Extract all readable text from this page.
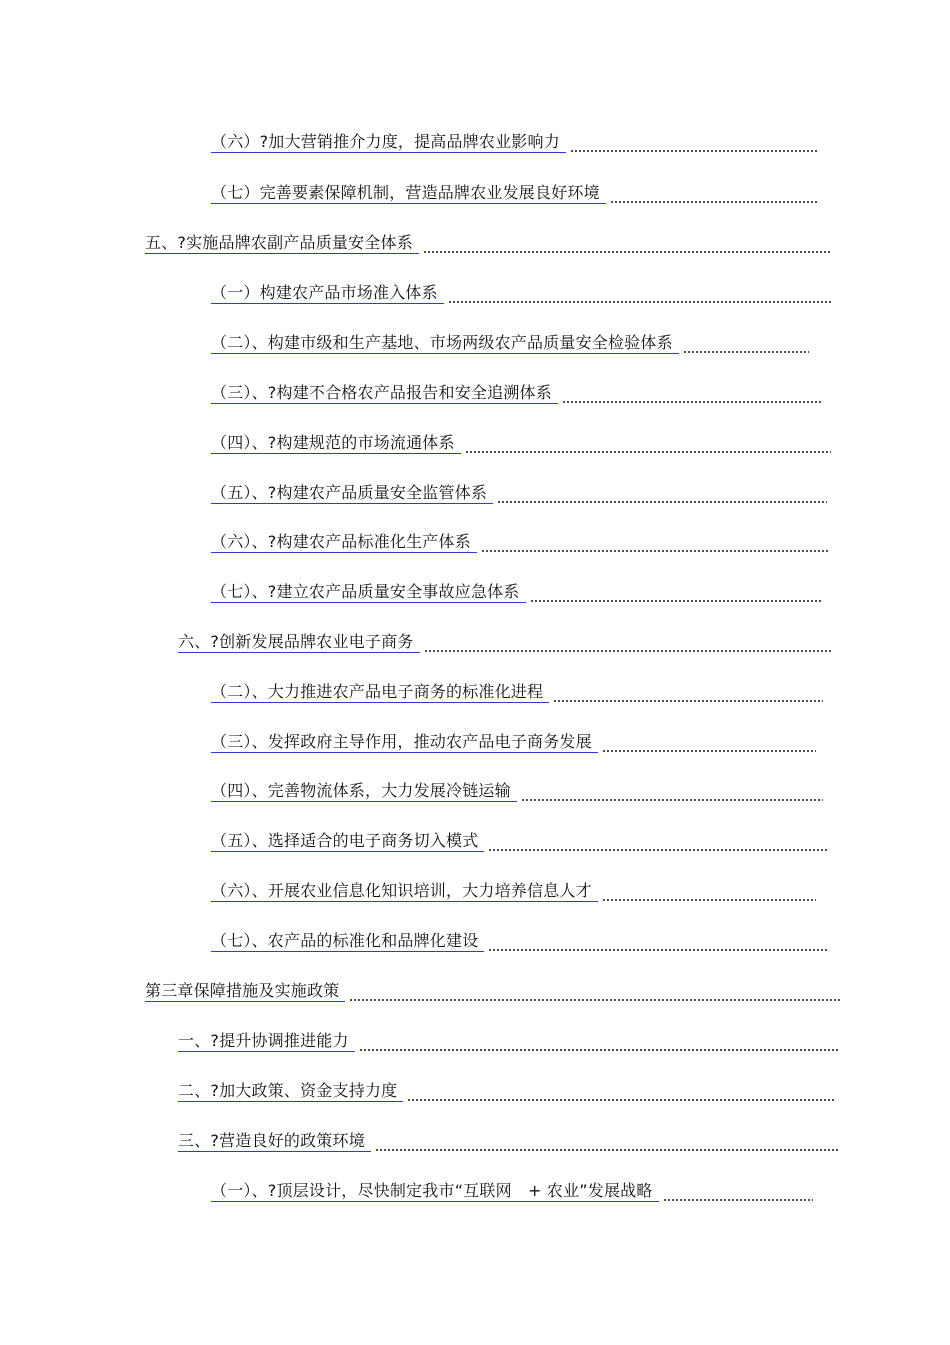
（六）?加大营销推介力度，提高品牌农业影响力
（七）完善要素保障机制，营造品牌农业发展良好环境
五、?实施品牌农副产品质量安全体系
（一）构建农产品市场准入体系
（二）、构建市级和生产基地、市场两级农产品质量安全检验体系
（三）、?构建不合格农产品报告和安全追溯体系
（四）、?构建规范的市场流通体系
（五）、?构建农产品质量安全监管体系
（六）、?构建农产品标准化生产体系
（七）、?建立农产品质量安全事故应急体系
六、?创新发展品牌农业电子商务
（二）、大力推进农产品电子商务的标准化进程
（三）、发挥政府主导作用，推动农产品电子商务发展
（四）、完善物流体系，大力发展冷链运输
（五）、选择适合的电子商务切入模式
（六）、开展农业信息化知识培训，大力培养信息人才
（七）、农产品的标准化和品牌化建设
第三章保障措施及实施政策
一、?提升协调推进能力
二、?加大政策、资金支持力度
三、?营造良好的政策环境
（一）、?顶层设计，尽快制定我市“互联网　+ 农业”发展战略
